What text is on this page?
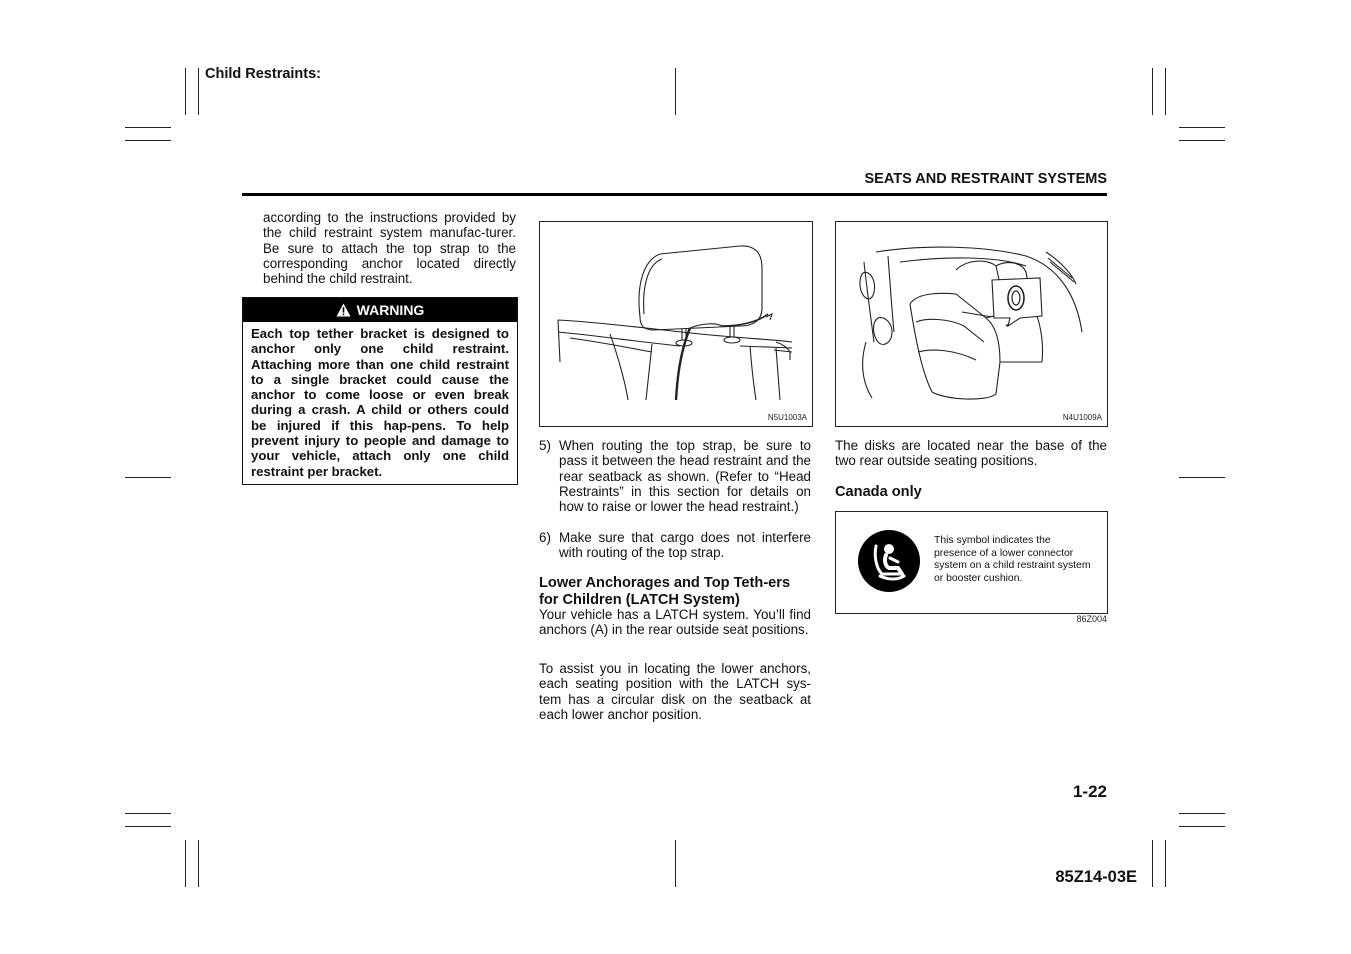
Child Restraints:
SEATS AND RESTRAINT SYSTEMS
according to the instructions provided by the child restraint system manufac-turer. Be sure to attach the top strap to the corresponding anchor located directly behind the child restraint.
WARNING
Each top tether bracket is designed to anchor only one child restraint. Attaching more than one child restraint to a single bracket could cause the anchor to come loose or even break during a crash. A child or others could be injured if this hap-pens. To help prevent injury to people and damage to your vehicle, attach only one child restraint per bracket.
N5U1003A
5) When routing the top strap, be sure to pass it between the head restraint and the rear seatback as shown. (Refer to “Head Restraints” in this section for details on how to raise or lower the head restraint.)
6) Make sure that cargo does not interfere with routing of the top strap.
Lower Anchorages and Top Teth-ers for Children (LATCH System)
Your vehicle has a LATCH system. You’ll find anchors (A) in the rear outside seat positions.
To assist you in locating the lower anchors, each seating position with the LATCH sys-tem has a circular disk on the seatback at each lower anchor position.
N4U1009A
The disks are located near the base of the two rear outside seating positions.
Canada only
This symbol indicates the presence of a lower connector system on a child restraint system or booster cushion.
86Z004
1-22
85Z14-03E
